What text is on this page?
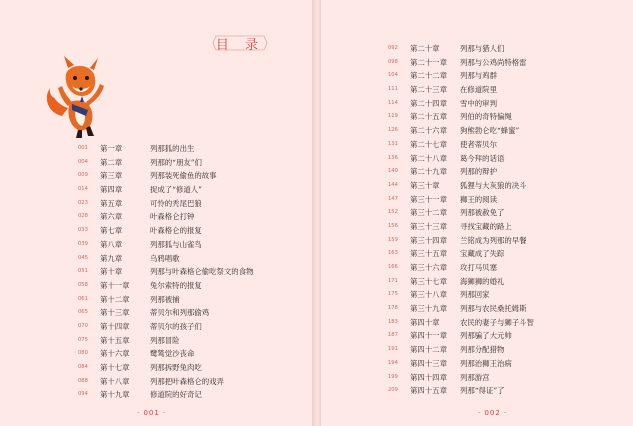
目 录
001	第一章	列那狐的出生
004	第二章	列那的“朋友”们
009	第三章	列那装死偷鱼的故事
014	第四章	捉成了“修道人”
023	第五章	可怜的秃尾巴狼
028	第六章	叶森格仑打钟
033	第七章	叶森格仑的报复
039	第八章	列那狐与山雀鸟
045	第九章	乌鸦唱歌
051	第十章	列那与叶森格仑偷吃祭文的食物
058	第十一章	兔尔索特的报复
061	第十二章	列那被捕
065	第十三章	蒂贝尔和列那偷鸡
070	第十四章	蒂贝尔的孩子们
075	第十五章	列那冒险
080	第十六章	鹭鸶觉沙丧命
084	第十七章	列那拆野兔肉吃
088	第十八章	列那把叶森格仑的戏弄
094	第十九章	修道院的好奇记
· 001 ·
092	第二十章	列那与猎人们
098	第二十一章	列那与公鸡尚特格雷
104	第二十二章	列那与鸡群
111	第二十三章	在修道院里
114	第二十四章	雪中的审判
119	第二十五章	列伯的奇特偏绳
126	第二十六章	狗熊勃仑吃“蜂蜜”
131	第二十七章	使者蒂贝尔
136	第二十八章	葛今拜的话语
140	第二十九章	列那的辩护
144	第三十章	狐狸与大灰狼的决斗
147	第三十一章	狮王的阅读
152	第三十二章	列那被赦免了
156	第三十三章	寻找宝藏的路上
159	第三十四章	兰铭成为列那的早餐
163	第三十五章	宝藏成了失踪
166	第三十六章	攻打马贝塞
171	第三十七章	海狮狮的婚礼
175	第三十八章	列那回家
178	第三十九章	列那与农民桑托姆斯
183	第四十章	农民的妻子与狮子斗智
187	第四十一章	列那骗了大元帅
191	第四十二章	列那分配猎物
194	第四十三章	列那治狮王治病
199	第四十四章	列那游宫
209	第四十五章	列那“得证”了
· 002 ·
